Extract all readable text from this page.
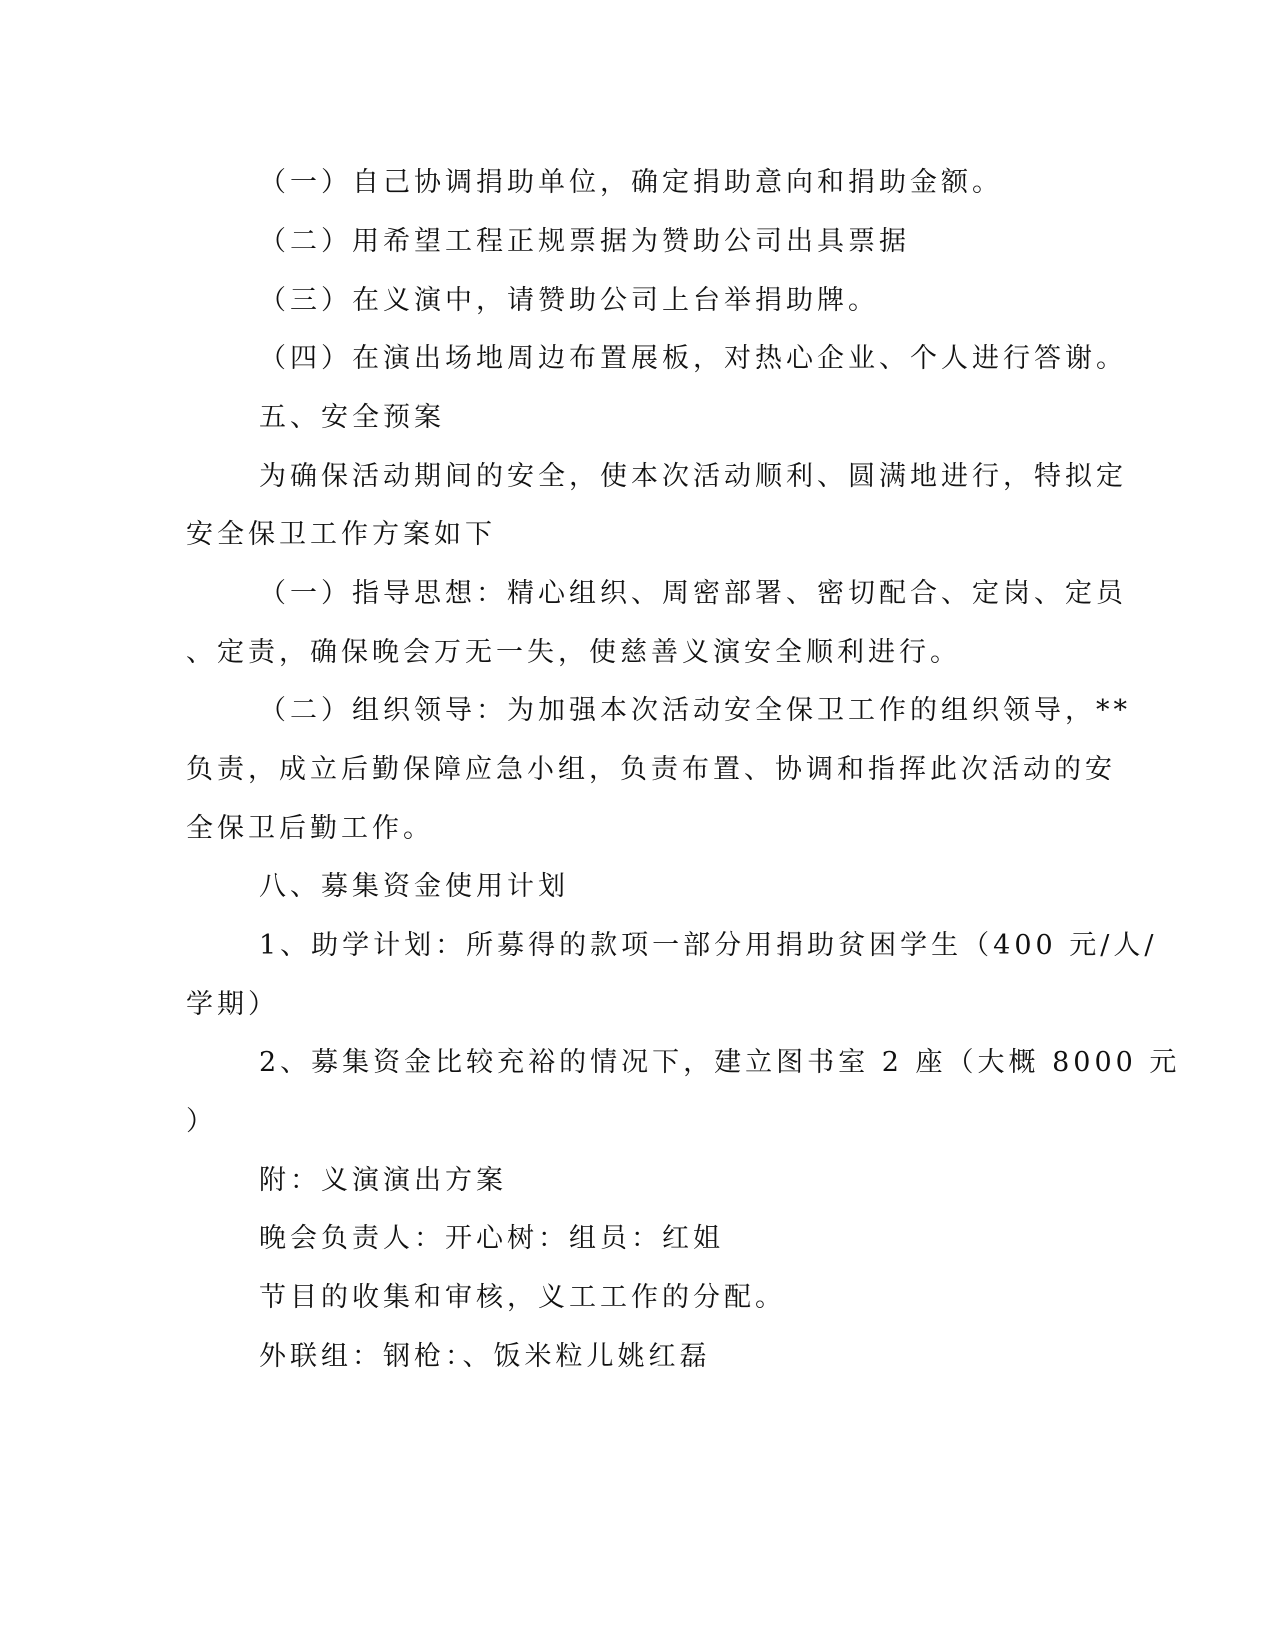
（一）自己协调捐助单位，确定捐助意向和捐助金额。
（二）用希望工程正规票据为赞助公司出具票据
（三）在义演中，请赞助公司上台举捐助牌。
（四）在演出场地周边布置展板，对热心企业、个人进行答谢。
五、安全预案
为确保活动期间的安全，使本次活动顺利、圆满地进行，特拟定
安全保卫工作方案如下
（一）指导思想：精心组织、周密部署、密切配合、定岗、定员
、定责，确保晚会万无一失，使慈善义演安全顺利进行。
（二）组织领导：为加强本次活动安全保卫工作的组织领导，**
负责，成立后勤保障应急小组，负责布置、协调和指挥此次活动的安
全保卫后勤工作。
八、募集资金使用计划
1、助学计划：所募得的款项一部分用捐助贫困学生（400 元/人/
学期）
2、募集资金比较充裕的情况下，建立图书室 2 座（大概 8000 元
）
附：义演演出方案
晚会负责人：开心树：组员：红姐
节目的收集和审核，义工工作的分配。
外联组：钢枪：、饭米粒儿姚红磊
